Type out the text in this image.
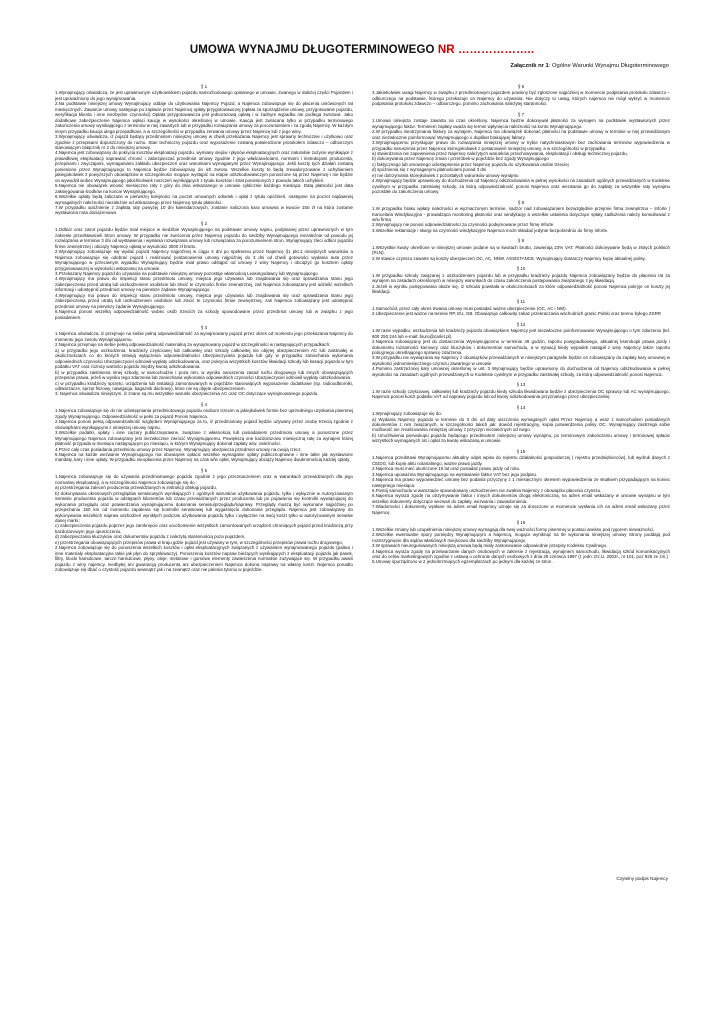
UMOWA WYNAJMU DŁUGOTERMINOWEGO NR ………………..
Załącznik nr 1: Ogólne Warunki Wynajmu Długoterminowego
§ 1

1.Wynajmujący oświadcza, że jest uprawnionym użytkownikiem pojazdu samochodowego opisanego w umowie, zwanego w dalszej części Pojazdem i jest upoważniony do jego wynajmowania.

2.Na podstawie niniejszej umowy Wynajmujący oddaje do użytkowania Najemcy Pojazd, a Najemca zobowiązuje się do płacenia umówionych rat miesięcznych. Zawarcie umowy następuje po zapłacie przez Najemcę opłaty przygotowawczej (opłata za sporządzenie umowy, przygotowanie pojazdu, weryfikacja klienta i inne niezbędne czynności) Opłata przygotowawcza jest jednorazową opłatą i w żadnym wypadku nie podlega zwrotowi. Jako dodatkowe zabezpieczenie Najemca wpłaci kaucję w wysokości określonej w umowie. Kaucja jest zwracana tylko w przypadku terminowego zakończenia umowy wynikającego z terminów w niej zawartych lub w przypadku rozwiązania umowy za porozumieniem i za zgodą Najemcy. W każdym innym przypadku kaucja ulega przepadkowi, a w szczególności w przypadku zerwania umowy przez Najemcę lub z jego winy.

3.Wynajmujący oświadcza, iż pojazd będący przedmiotem niniejszej umowy w chwili przekazania Najemcy jest sprawny technicznie i użytkowo oraz zgodnie z przepisami dopuszczony do ruchu. Stan techniczny pojazdu oraz wyposażenie zostaną potwierdzone protokołem zdawczo – odbiorczym stanowiącym załącznik nr 2 do niniejszej umowy.

4.Najemca jest zobowiązany do pokrycia kosztów eksploatacji pojazdu, wymiany olejów i płynów eksploatacyjnych oraz naturalnie zużycie wynikające z prawidłowej eksploatacji naprawiać chronić i zabezpieczać przedmiot umowy zgodnie z jego właściwościami, normami i instrukcjami producenta, przepisami i zwyczajami, wymaganiami zakładu ubezpieczeń oraz warunkami wymaganymi przez Wynajmującego. Jeśli koszty tych działań zostaną poniesione przez Wynajmującego to Najemca będzie zobowiązany do ich zwrotu. Wszelkie koszty te będą zrewaloryzowane z uchybieniem jakiegokolwiek z powyższych obowiązków w szczególności mogące wystąpić na etapie odszkodowawczym ponoszone są przez Najemcę i nie będzie on wywodził wobec Wynajmującego jakichkolwiek roszczeń wynikających z tytułu kosztów i strat poniesionych z powodu takich uchybień.

5.Najemca nie obowiązek wnosić miesięczne raty z góry do dnia wskazanego w umowie cyklicznie każdego miesiąca. Datą płatności jest data zaksięgowania środków na koncie Wynajmującego.

6.Wszelkie opłaty będą zaliczane w pierwszej kolejności na poczet umownych odsetek i opłat z tytułu opóźnień, następnie na poczet najdawniej wymagalnych należności niezależnie od wskazanego przez Najemcę tytułu płatności.

7.W przypadku opóźnienie z zapłatą raty powyżej 10 dni kalendarzowych, zostanie naliczona kara umowna w kwocie 150 zł na która zostanie wystawiona nota obciążeniowa

§ 2

1.Odbiór oraz zwrot pojazdu będzie miał miejsce w siedzibie Wynajmującego na podstawie umowy najmu, podpisanej przez uprawnionych w tym zakresie przedstawicieli Stron umowy. W przypadku nie zwrócenia przez Najemcę pojazdu do siedziby Wynajmującego niezależnie od powodu jej rozwiązania w terminie 3 dni od wystawienia i wysłania rozwiązania umowy lub rozwiązania za porozumieniem stron, Wynajmujący zleci odbiór pojazdu firmie zewnętrznej i obciąży Najemcę opłatą w wysokości 3000 zł brutto.

2.Wynajmujący zobowiązuje się wydać pojazd Najemcy najpóźniej w ciągu 3 dni po spełnieniu przez Najemcę §1 pkt.1 niniejszych warunków a Najemca zobowiązuje się odebrać pojazd i realizować postanowienia umowy najpóźniej do 3 dni od chwili gotowości wydania auta przez Wynajmującego w przeciwnym wypadku Wynajmujący będzie miał prawo odstąpić od umowy z winy Najemcy i obciążyć go kosztem opłaty przygotowawczej w wysokości wskazanej na umowie.

3.Przekazany Najemcy pojazd do używania na podstawie niniejszej umowy pozostaje własnością Leasingodawcy lub Wynajmującego.

4.Wynajmujący ma prawo do inspekcji stanu przedmiotu umowy, miejsca jego używania lub znajdowania się oraz sprawdzania stanu jego zabezpieczenia przed utratą lub uszkodzeniem osobiście lub zlecić te czynności firmie zewnętrznej, zaś Najemca zobowiązany jest udzielić wszelkich informacji i udostępnić przedmiot umowy na pierwsze żądanie Wynajmującego.

4.Wynajmujący ma prawo do inspekcji stanu przedmiotu umowy, miejsca jego używania lub znajdowania się oraz sprawdzania stanu jego zabezpieczenia przed utratą lub uszkodzeniem osobiście lub zlecić te czynności firmie zewnętrznej, zaś Najemca zobowiązany jest udostępnić przedmiot umowy na pierwszy żądanie Wynajmującego.

5.Najemca ponosi wszelką odpowiedzialność wobec osób trzecich za szkody spowodowane przez przedmiot umowy lub w związku z jego posiadaniem.

§ 3

1.Najemca oświadcza, iż przejmuje na siebie pełną odpowiedzialność za wynajmowany pojazd przez okres od momentu jego przekazania Najemcy do momentu jego zwrotu Wynajmującemu.

2.Najemca przejmuje na siebie pełną odpowiedzialność materialną za wynajmowany pojazd w szczególności w następujących przypadkach:

a) w przypadku jego uszkodzenia, kradzieży częściowej lub całkowitej oraz szkody całkowitej nie objętej ubezpieczeniem AC lub zaistniałej w okolicznościach co do których istnieją wyłączenia odpowiedzialności Ubezpieczyciela pojazdu lub gdy w przypadku zaniechania wykonania odpowiednich czynności Ubezpieczyciel odmówił wypłaty odszkodowania, oraz pokrycia wszystkich kosztów likwidacji szkody lub kasacji pojazdu w tym podatku VAT oraz różnicy wartości pojazdu między kwotą odszkodowania.

b) w przypadku zaistnienia innej szkody, w samochodzie i poza nim, w wyniku naruszenia zasad ruchu drogowego lub innych obowiązujących przepisów prawa, jeżeli w wyniku tego zdarzenia lub zaniechania wykonania odpowiednich czynności Ubezpieczyciel odmówił wypłaty odszkodowania.

c) w przypadku kradzieży sprzętu, urządzenia lub instalacji zamontowanych w pojeździe stanowiących wyposażenie dodatkowe (np. radioodbiorniki, odtwarzacze, sprzęt fiszowy, nawigacja, bagażnik dachowy), które nie są objęte ubezpieczeniem.

3. Najemca oświadcza niniejszym, iż znane są mu wszystkie warunki ubezpieczenia AC oraz OC dotyczące wynajmowanego pojazdu.

§ 4

1.Najemca zobowiązuje się do nie udostępniania przedmiotowego pojazdu osobom trzecim w jakiejkolwiek formie bez uprzedniego uzyskania pisemnej zgody Wynajmującego. Odpowiedzialność w pełni za pojazd Ponosi Najemca.

2.Najemca ponosi pełną odpowiedzialność względem Wynajmującego za to, iż przedmiotowy pojazd będzie używany przez osobę trzecią zgodnie z obowiązkami wynikającymi z niniejszej umowy najmu.

3.Wszelkie podatki, opłaty i inne ciężary publicznoprawne, związane z własnością lub posiadaniem przedmiotu umowy a ponoszone przez Wynajmującego Najemca zobowiązany jest niezwłocznie zwrócić Wynajmującemu. Powiększą one każdorazowo miesięczną ratę za wynajem której płatność przypada w miesiącu następującym po miesiącu, w którym Wynajmujący dokonał zapłaty w/w. należności.

4.Przez cały czas posiadania przedmiotu umowy przez Najemcę, Wynajmujący ubezpiecza przedmiot umowy na cwoją rzecz.

5.Najemca na każde wezwanie Wynajmującego ma obowiązek opłacić wszelkie wymagalne opłaty publicznoprawne i inne takie jak wystawione mandaty, kary i inne opłaty. W przypadku nieopłacenia przez Najemcę na czas w/w opłat, Wynajmujący obciąży Najemcę dwukrotnością każdej opłaty.

§ 5

1.Najemca zobowiązuje się do używania przedmiotowego pojazdu zgodnie z jego przeznaczeniem oraz w warunkach przewidzianych dla jego normalnej eksploatacji, a w szczególności Najemca zobowiązuje się do :

a) przestrzegania zaleceń producenta przewidzianych w instrukcji obsługi pojazdu,

b) dokonywania okresowych przeglądów serwisowych wynikających z ogólnych warunków użytkowania pojazdu, tylko i wyłącznie w Autoryzowanym Serwisie producenta pojazdu w odstępach kilometrów lub czasu przewidzianych przez producenta lub po pojawieniu się kontrolki wywiązującej do wykonania przeglądu oraz potwierdzania wynajmującemu dokonania serwisu/przeglądu/naprawy. Przeglądy muszą być wykonane najpóźniej po przejechaniu 150 km od momentu zapalenia się kontrolki serwisowej lub wygaśnięciu dokonania przeglądu. Najemca jest zobowiązany do wykonywania wszelkich napraw uszkodzeń wynikłych podczas użytkowania pojazdu tylko i wyłącznie na swój koszt tylko w autoryzowanym serwisie danej marki ;

c) zabezpieczenia pojazdu poprzez jego zamknięcie oraz uruchomienie wszystkich zamontowanych urządzeń chroniących pojazd przed kradzieżą przy każdorazowym jego opuszczeniu,

d) zabezpieczania kluczyków oraz dokumentów pojazdu z należytą starannością poza pojazdem,

e) przestrzegania obowiązujących przepisów prawa w kraju gdzie pojazd jest używany w tym, w szczególności przepisów prawa ruchu drogowego,

2.Najemca zobowiązuje się do ponoszenia wszelkich kosztów i opłat eksploatacyjnych związanych z używaniem wynajmowanego pojazdu (paliwo i inne materiały eksploatacyjne takie jak płyn do spryskiwaczy). Ponoszenia kosztów napraw bieżących wynikających z eksploatacji pojazdu jak pasek, filtry, klocki hamulcowe, tarcze hamulcowe, płyny, oleje, metalowe i gumowe elementy zawieszenia normalnie zużywające się. W przypadku awarii pojazdu z winy najemcy, niedbyłej ani gwarancją producenta ani ubezpieczeniem Najemca dokona naprawy na własny koszt. Najemca ponadto zobowiązuje się dbać o czystość pojazdu wewnątrz jak i na zewnątrz oraz nie palenia tytoniu w pojeździe.

§ 6

3.Jakiekolwiek uwagi Najemcy w związku z przedmiotowym pojazdem powinny być zgłoszone najpóźniej w momencie podpisania protokołu zdawczo – odbiorczego na podstawie, którego przekazuje on Najemcy do używania. Nie dotyczy to uwag, których najemca nie mógł wykryć w momencie podpisania protokołu zdawczo – odbiorczego, pomimo zachowania należytej staranności.

§ 7

1.Umowa niniejsza zostaje zawarta na czas określony. Najemca będzie dokonywał płatności za wynajem na podstawie wystawionych przez wynajmującego faktur. Terminem zapłaty uważa się termin wpłynięcia należności na konto Wynajmującego.

2.W przypadku nieotrzymania faktury za wynajem, Najemca ma obowiązek dokonać płatności na podstawie umowy w terminie w niej przewidzianym oraz niezwłocznie poinformować Wynajmującego o duplikat brakującej faktury.

3.Wynajmującemu przysługuje prawo do rozwiązania niniejszej umowy w trybie natychmiastowym bez zachowania terminów wypowiedzenia w przypadku naruszenia przez Najemcę któregokolwiek z postanowień niniejszej umowy, a w szczególności w przypadku:

a) stwierdzenia nie zapewnienia przez Najemcę należytych warunków przechowywania, eksploatacji i obsługi technicznej pojazdu,

b) dokonywania przez Najemcę zmian i przeróbek w pojeździe bez zgody Wynajmującego

c) faktycznego lub umownego udostępnienia przez Najemcę pojazdu do użytkowania osobie trzeciej

d) spóźnienia się z wymaganymi płatnościami ponad 3 dni

e) nie dotrzymania którejkolwiek z pozostałych warunków umowy wynajmu

4.Wynajmujący będzie uprawniony do dochodzenia od Najemcy odszkodowania w pełnej wysokości na zasadach ogólnych przewidzianych w Kodeksie cywilnym w przypadku zaistniałej szkody, za którą odpowiedzialność ponosi Najemca oraz wezwania go do zapłaty za wszystkie raty wynajmu pozostałe do zakończenia umowy.

§ 8

1.W przypadku braku wpłaty należności w wyznaczonym terminie, nadzór nad zobowiązaniem bezwzględnie przejmie firma zewnętrzna – Inforte | Kancelaria Windykacyjna - prowadząca monitoring płatności oraz windykację a wszelkie ustalenia dotyczące spłaty zadłużenia należy konsultować z w/w firmą

2.Wynajmujący nie ponosi odpowiedzialności za czynności podejmowane przez firmę Inforte.

3.Wszelkie reklamacje i skargi na czynności windykacyjne Najemca może składać jedynie bezpośrednio do firmy Inforte.

§ 9

1.Wszystkie kwoty określone w niniejszej umowie podane są w kwotach brutto, zawierają 23% VAT. Płatności dokonywane będą w złotych polskich (PLN).

2.W stawce czynszu zawarte są koszty ubezpieczeń OC, AC, NNW, ASSISTANCE. Wynajmujący dostarczy Najemcy kopię aktualnej polisy.

§ 10

1.W przypadku szkody związanej z uszkodzeniem pojazdu lub w przypadku kradzieży pojazdu Najemca zobowiązany będzie do płacenia rat za wynajem na zasadach określonych w niniejszy warunkach do czasu zakończenia postępowania związanego z jej likwidacją.

2.Jeżeli w wyniku postępowania okaże się, iż szkoda powstała w okolicznościach za które odpowiedzialność ponosi Najemca pokryje on koszty jej likwidacji.

§ 11

1.Samochód, przez cały okres trwania umowy musi posiadać ważne ubezpieczenie (OC, AC i NW).

2.Ubezpieczenie jest ważne na terenie RP, EU, GB. Obowiązuje całkowity zakaz przekraczania wschodnich granic Polski oraz terenu byłego ZSRR

§ 12

1.W razie wypadku, uszkodzenia lub kradzieży pojazdu obowiązkiem Najemcy jest niezwłoczne poinformowanie Wynajmującego o tym zdarzeniu (tel. 600 250 244 lub e-mail: biuro@carlet.pl).

2.Najemca zobowiązany jest do dostarczenia Wynajmującemu w terminie 48 godzin, raportu powypadkowego, aktualnej kserokopii prawa jazdy i dokumentu tożsamości kierowcy oraz kluczyków i dokumentów samochodu, a w sytuacji kiedy wypadek nastąpił z winy Najemcy także raportu policyjnego określającego sprawcę zdarzenia.

3.W przypadku nie wywiązania się Najemcy z obowiązków przewidzianych w niniejszym paragrafie będzie on zobowiązany do zapłaty kary umownej w wysokości jednomiesięcznego czynszu zawartego w umowie

4.Pomimo zastrzeżonej kary umownej określonej w ust. 3 Wynajmujący będzie uprawniony do dochodzenia od Najemcy odszkodowania w pełnej wysokości na zasadach ogólnych przewidzianych w Kodeksie cywilnym w przypadku zaistniałej szkody, za którą odpowiedzialność ponosi Najemca.

§ 13

1.W razie szkody częściowej, całkowitej lub kradzieży pojazdu kiedy szkoda likwidowana będzie z ubezpieczenia OC sprawcy lub AC wynajmującego, Najemca ponosi koszt podatku VAT od naprawy pojazdu lub od kwoty odszkodowania przyznanego przez ubezpieczalnię.

§ 14

1.Wynajmujący zobowiązuje się do:

a) Wydania Najemcy pojazdu w terminie do 3 dni od daty uiszczenia wymaganych opłat Przez Najemcę a wraz z samochodem posiadanych dokumentów z nim związanych, w szczególności takich jak: dowód rejestracyjny, kopia potwierdzenia polisy OC. Wynajmujący zastrzega sobie możliwość nie zrealizowania niniejszej umowy z przyczyn niezależnych od niego.

b) Umożliwienia pierwokupu pojazdu będącego przedmiotem niniejszej umowy wynajmu, po terminowym zakończeniu umowy i terminowej spłacie wszystkich wymaganych rat i opłat za kwotę wskazaną w umowie.

§ 15

1.Najemca przedstawi Wynajmującemu aktualny odpis wpisu do rejestru działalności gospodarczej ( rejestru przedsiębiorców), lub wydruk danych z CEIDG, lub kopię aktu notarialnego, ważne prawo jazdy.

2.Najemca musi mieć ukończone 19 lat oraz posiadać prawo jazdy od roku.

3.Najemca upoważnia Wynajmującego na wystawianie faktur VAT bez jego podpisu.

4.Najemca ma prawo wypowiedzieć umowę bez podania przyczyny z 1 miesięcznym okresem wypowiedzenia ze skutkiem przypadającym na koniec następnego miesiąca.

5.Postój samochodu w warsztacie spowodowany uszkodzeniem nie zwalnia Najemcy z obowiązku płacenia czynszu.

6.Najemca wyraża zgodę na otrzymywanie faktur i innych dokumentów drogą elektroniczną, na adres email wskazany w umowie wynajmu w tym wszelkie dokumenty dotyczące wezwań do zapłaty, wezwania i zawiadomienia.

7.Wiadomości i dokumenty wysłane na adres email Najemcy uznaje się za doręczone w momencie wysłania ich na adres email wskazany przez Najemcę.

§ 16

1.Wszelkie zmiany lub uzupełnienia niniejszej umowy wymagają dla swej ważności formy pisemnej w postaci aneksu pod rygorem nieważności.

2.Wszelkie ewentualne spory pomiędzy Wynajmującym a Najemcą, mogące wyniknąć na tle wykonania niniejszej umowy Strony poddają pod rozstrzygnięcie dla sądów właściwych miejscowo dla siedziby Wynajmującego

3.W sprawach nieuregulowanych niniejszą umową będą miały zastosowanie odpowiednie przepisy Kodeksu Cywilnego.

4.Najemca wyraża zgodę na przetwarzanie danych osobowych w zakresie z rejestracją, wynajmem samochodu, likwidacją szkód komunikacyjnych oraz do celów marketingowych zgodnie z ustawą o ochronie danych osobowych z dnia 29 czerwca 1997 (t. jedn. Dz.U. 2002r., nr 101, poz 926 ze zm.)

5.Umowę sporządzono w 2 jednobrzmiących egzemplarzach po jednym dla każdej ze stron .

Czytelny podpis Najemcy
